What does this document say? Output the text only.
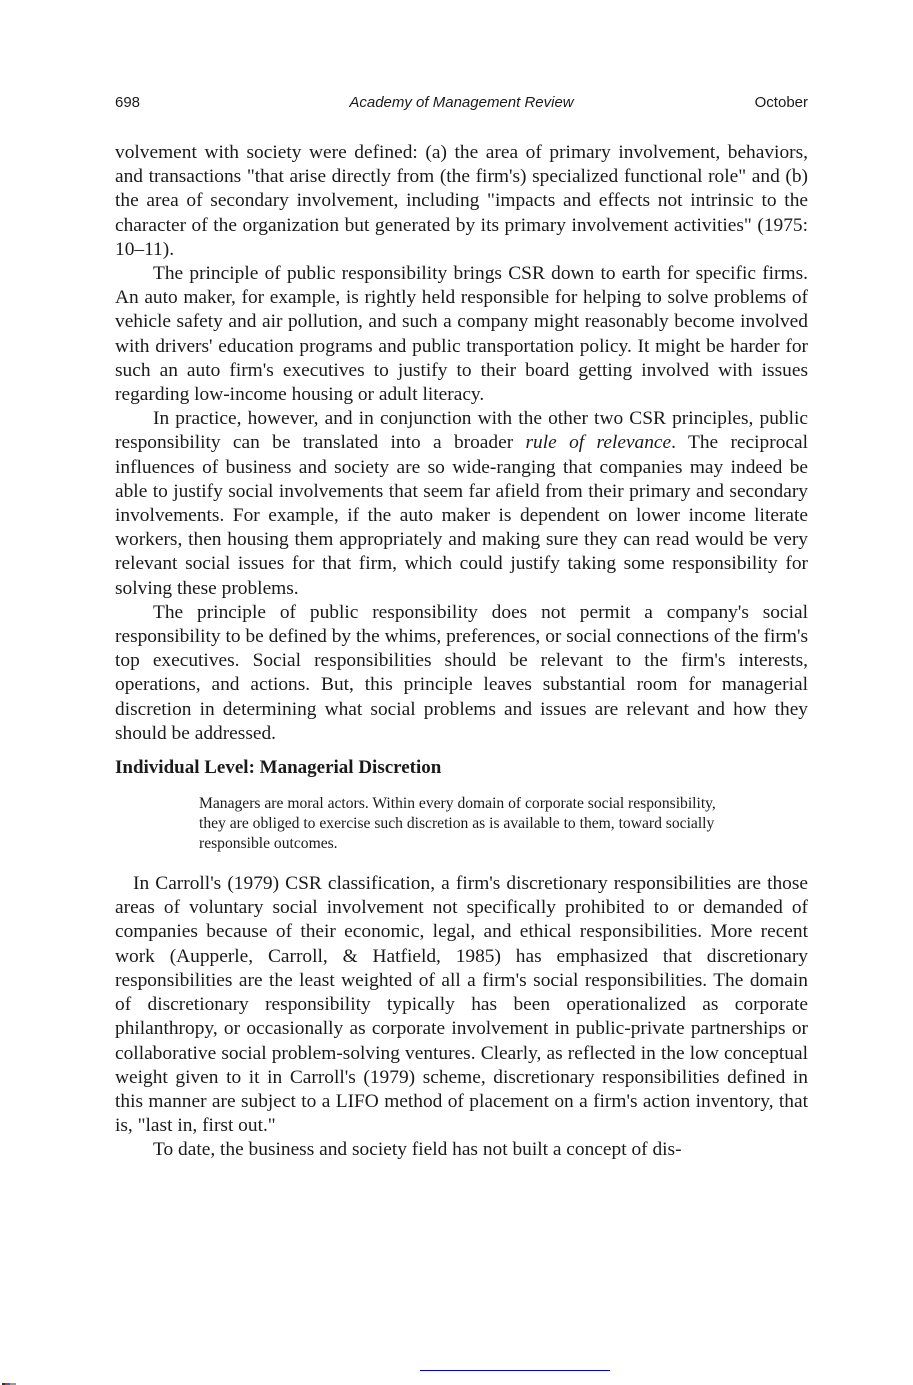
698	Academy of Management Review	October

volvement with society were defined: (a) the area of primary involvement, behaviors, and transactions "that arise directly from (the firm's) specialized functional role" and (b) the area of secondary involvement, including "impacts and effects not intrinsic to the character of the organization but generated by its primary involvement activities" (1975: 10–11).

The principle of public responsibility brings CSR down to earth for specific firms. An auto maker, for example, is rightly held responsible for helping to solve problems of vehicle safety and air pollution, and such a company might reasonably become involved with drivers' education programs and public transportation policy. It might be harder for such an auto firm's executives to justify to their board getting involved with issues regarding low-income housing or adult literacy.

In practice, however, and in conjunction with the other two CSR principles, public responsibility can be translated into a broader rule of relevance. The reciprocal influences of business and society are so wide-ranging that companies may indeed be able to justify social involvements that seem far afield from their primary and secondary involvements. For example, if the auto maker is dependent on lower income literate workers, then housing them appropriately and making sure they can read would be very relevant social issues for that firm, which could justify taking some responsibility for solving these problems.

The principle of public responsibility does not permit a company's social responsibility to be defined by the whims, preferences, or social connections of the firm's top executives. Social responsibilities should be relevant to the firm's interests, operations, and actions. But, this principle leaves substantial room for managerial discretion in determining what social problems and issues are relevant and how they should be addressed.

Individual Level: Managerial Discretion

Managers are moral actors. Within every domain of corporate social responsibility, they are obliged to exercise such discretion as is available to them, toward socially responsible outcomes.

In Carroll's (1979) CSR classification, a firm's discretionary responsibilities are those areas of voluntary social involvement not specifically prohibited to or demanded of companies because of their economic, legal, and ethical responsibilities. More recent work (Aupperle, Carroll, & Hatfield, 1985) has emphasized that discretionary responsibilities are the least weighted of all a firm's social responsibilities. The domain of discretionary responsibility typically has been operationalized as corporate philanthropy, or occasionally as corporate involvement in public-private partnerships or collaborative social problem-solving ventures. Clearly, as reflected in the low conceptual weight given to it in Carroll's (1979) scheme, discretionary responsibilities defined in this manner are subject to a LIFO method of placement on a firm's action inventory, that is, "last in, first out."

To date, the business and society field has not built a concept of dis-
